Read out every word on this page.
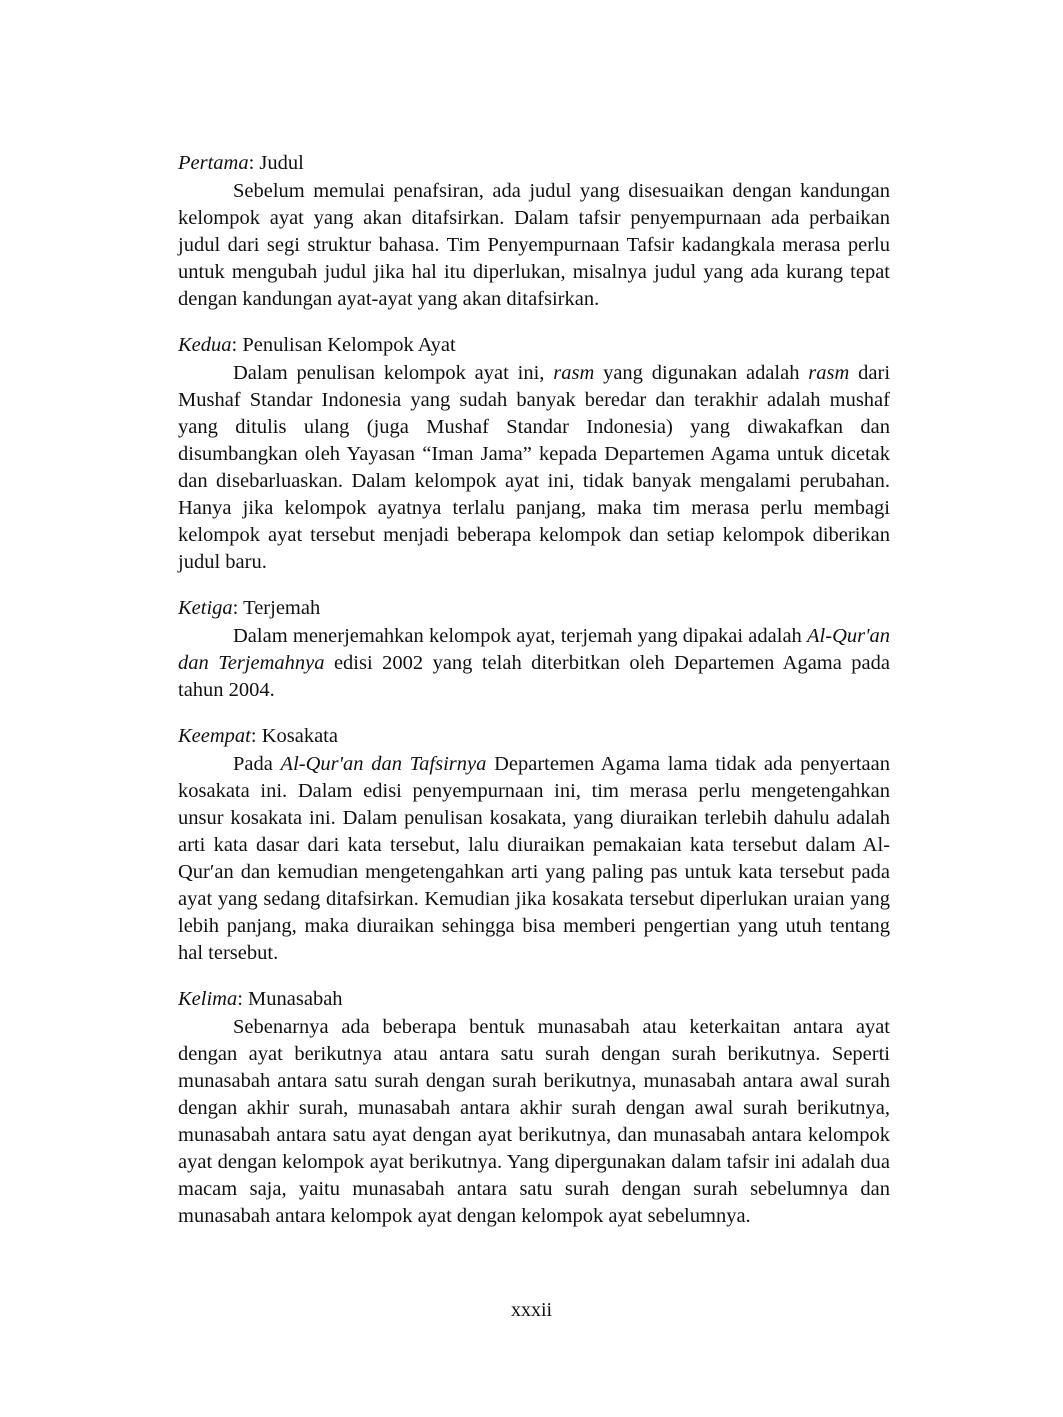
Pertama: Judul

Sebelum memulai penafsiran, ada judul yang disesuaikan dengan kandungan kelompok ayat yang akan ditafsirkan. Dalam tafsir penyempurnaan ada perbaikan judul dari segi struktur bahasa. Tim Penyempurnaan Tafsir kadangkala merasa perlu untuk mengubah judul jika hal itu diperlukan, misalnya judul yang ada kurang tepat dengan kandungan ayat-ayat yang akan ditafsirkan.

Kedua: Penulisan Kelompok Ayat

Dalam penulisan kelompok ayat ini, rasm yang digunakan adalah rasm dari Mushaf Standar Indonesia yang sudah banyak beredar dan terakhir adalah mushaf yang ditulis ulang (juga Mushaf Standar Indonesia) yang diwakafkan dan disumbangkan oleh Yayasan “Iman Jama” kepada Departemen Agama untuk dicetak dan disebarluaskan. Dalam kelompok ayat ini, tidak banyak mengalami perubahan. Hanya jika kelompok ayatnya terlalu panjang, maka tim merasa perlu membagi kelompok ayat tersebut menjadi beberapa kelompok dan setiap kelompok diberikan judul baru.

Ketiga: Terjemah

Dalam menerjemahkan kelompok ayat, terjemah yang dipakai adalah Al-Qur'an dan Terjemahnya edisi 2002 yang telah diterbitkan oleh Departemen Agama pada tahun 2004.

Keempat: Kosakata

Pada Al-Qur'an dan Tafsirnya Departemen Agama lama tidak ada penyertaan kosakata ini. Dalam edisi penyempurnaan ini, tim merasa perlu mengetengahkan unsur kosakata ini. Dalam penulisan kosakata, yang diuraikan terlebih dahulu adalah arti kata dasar dari kata tersebut, lalu diuraikan pemakaian kata tersebut dalam Al-Qur′an dan kemudian mengetengahkan arti yang paling pas untuk kata tersebut pada ayat yang sedang ditafsirkan. Kemudian jika kosakata tersebut diperlukan uraian yang lebih panjang, maka diuraikan sehingga bisa memberi pengertian yang utuh tentang hal tersebut.

Kelima: Munasabah

Sebenarnya ada beberapa bentuk munasabah atau keterkaitan antara ayat dengan ayat berikutnya atau antara satu surah dengan surah berikutnya. Seperti munasabah antara satu surah dengan surah berikutnya, munasabah antara awal surah dengan akhir surah, munasabah antara akhir surah dengan awal surah berikutnya, munasabah antara satu ayat dengan ayat berikutnya, dan munasabah antara kelompok ayat dengan kelompok ayat berikutnya. Yang dipergunakan dalam tafsir ini adalah dua macam saja, yaitu munasabah antara satu surah dengan surah sebelumnya dan munasabah antara kelompok ayat dengan kelompok ayat sebelumnya.

xxxii
